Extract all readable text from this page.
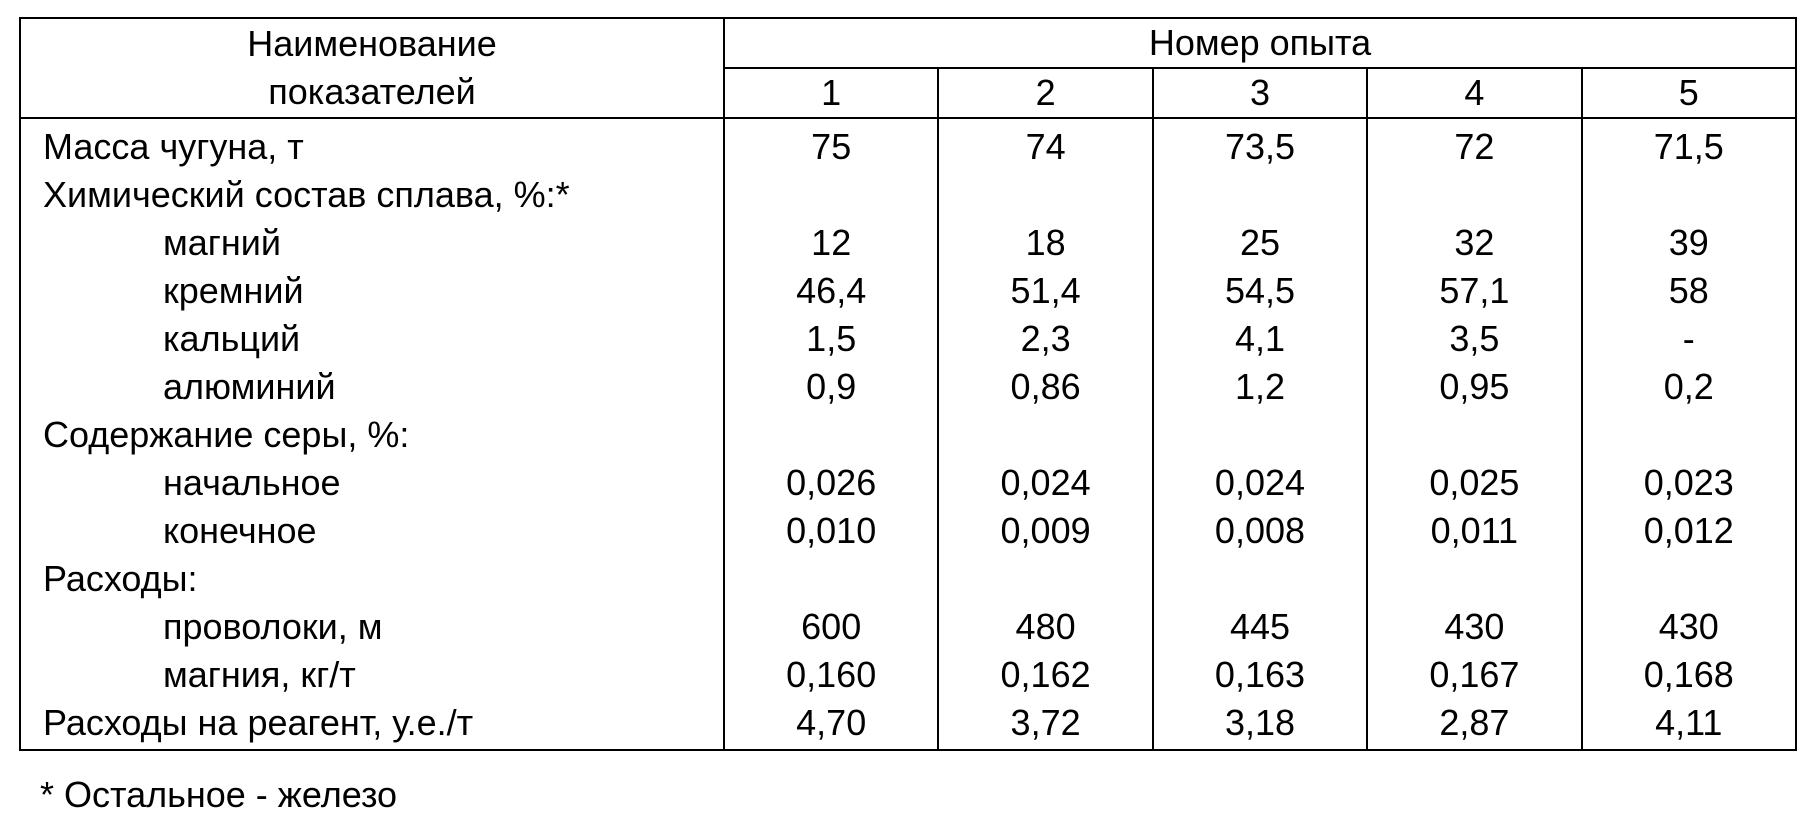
Наименование
показателей	Номер опыта				
	1	2	3	4	5
Масса чугуна, т	75	74	73,5	72	71,5
Химический состав сплава, %:*					
магний	12	18	25	32	39
кремний	46,4	51,4	54,5	57,1	58
кальций	1,5	2,3	4,1	3,5	-
алюминий	0,9	0,86	1,2	0,95	0,2
Содержание серы, %:					
начальное	0,026	0,024	0,024	0,025	0,023
конечное	0,010	0,009	0,008	0,011	0,012
Расходы:					
проволоки, м	600	480	445	430	430
магния, кг/т	0,160	0,162	0,163	0,167	0,168
Расходы на реагент, у.е./т	4,70	3,72	3,18	2,87	4,11

* Остальное - железо
